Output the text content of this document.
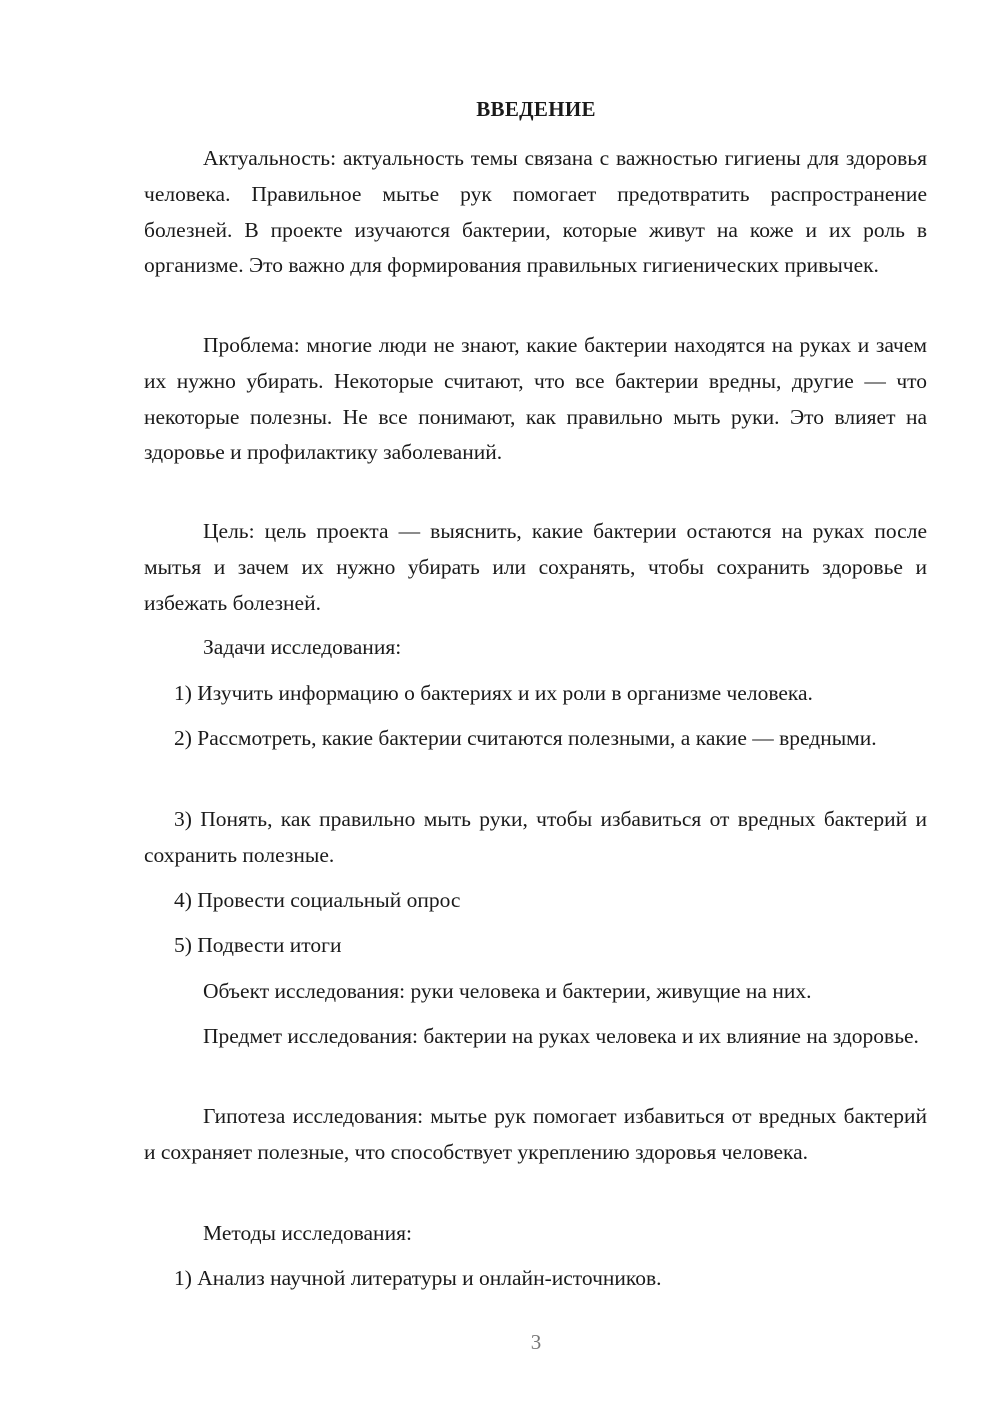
ВВЕДЕНИЕ

Актуальность: актуальность темы связана с важностью гигиены для здоровья человека. Правильное мытье рук помогает предотвратить распространение болезней. В проекте изучаются бактерии, которые живут на коже и их роль в организме. Это важно для формирования правильных гигиенических привычек.

Проблема: многие люди не знают, какие бактерии находятся на руках и зачем их нужно убирать. Некоторые считают, что все бактерии вредны, другие — что некоторые полезны. Не все понимают, как правильно мыть руки. Это влияет на здоровье и профилактику заболеваний.

Цель: цель проекта — выяснить, какие бактерии остаются на руках после мытья и зачем их нужно убирать или сохранять, чтобы сохранить здоровье и избежать болезней.

Задачи исследования:

1) Изучить информацию о бактериях и их роли в организме человека.

2) Рассмотреть, какие бактерии считаются полезными, а какие — вредными.

3) Понять, как правильно мыть руки, чтобы избавиться от вредных бактерий и сохранить полезные.

4) Провести социальный опрос

5) Подвести итоги

Объект исследования: руки человека и бактерии, живущие на них.

Предмет исследования: бактерии на руках человека и их влияние на здоровье.

Гипотеза исследования: мытье рук помогает избавиться от вредных бактерий и сохраняет полезные, что способствует укреплению здоровья человека.

Методы исследования:

1) Анализ научной литературы и онлайн-источников.

3
